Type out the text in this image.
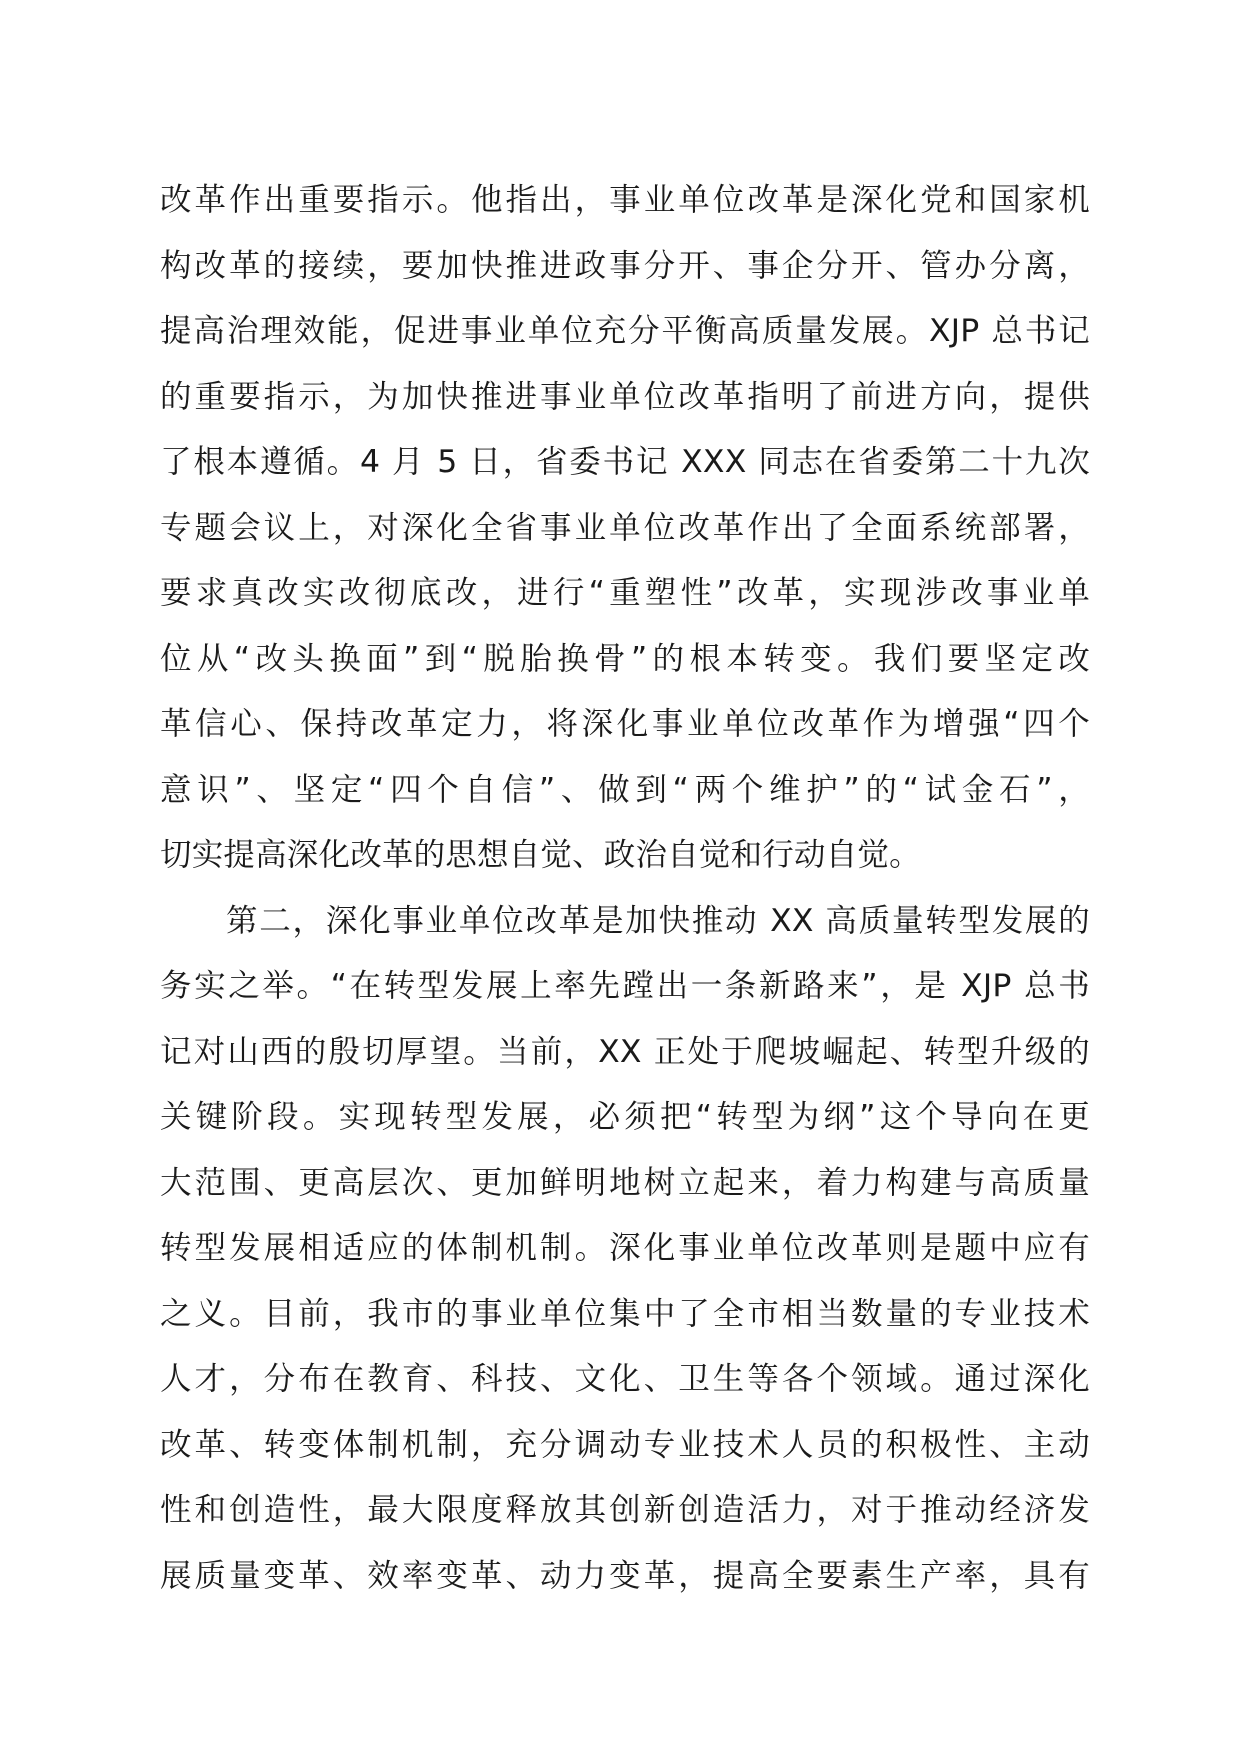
改革作出重要指示。他指出，事业单位改革是深化党和国家机
构改革的接续，要加快推进政事分开、事企分开、管办分离，
提高治理效能，促进事业单位充分平衡高质量发展。XJP 总书记
的重要指示，为加快推进事业单位改革指明了前进方向，提供
了根本遵循。4 月 5 日，省委书记 XXX 同志在省委第二十九次
专题会议上，对深化全省事业单位改革作出了全面系统部署，
要求真改实改彻底改，进行“重塑性”改革，实现涉改事业单
位从“改头换面”到“脱胎换骨”的根本转变。我们要坚定改
革信心、保持改革定力，将深化事业单位改革作为增强“四个
意识”、坚定“四个自信”、做到“两个维护”的“试金石”，
切实提高深化改革的思想自觉、政治自觉和行动自觉。
第二，深化事业单位改革是加快推动 XX 高质量转型发展的
务实之举。“在转型发展上率先蹚出一条新路来”，是 XJP 总书
记对山西的殷切厚望。当前，XX 正处于爬坡崛起、转型升级的
关键阶段。实现转型发展，必须把“转型为纲”这个导向在更
大范围、更高层次、更加鲜明地树立起来，着力构建与高质量
转型发展相适应的体制机制。深化事业单位改革则是题中应有
之义。目前，我市的事业单位集中了全市相当数量的专业技术
人才，分布在教育、科技、文化、卫生等各个领域。通过深化
改革、转变体制机制，充分调动专业技术人员的积极性、主动
性和创造性，最大限度释放其创新创造活力，对于推动经济发
展质量变革、效率变革、动力变革，提高全要素生产率，具有
